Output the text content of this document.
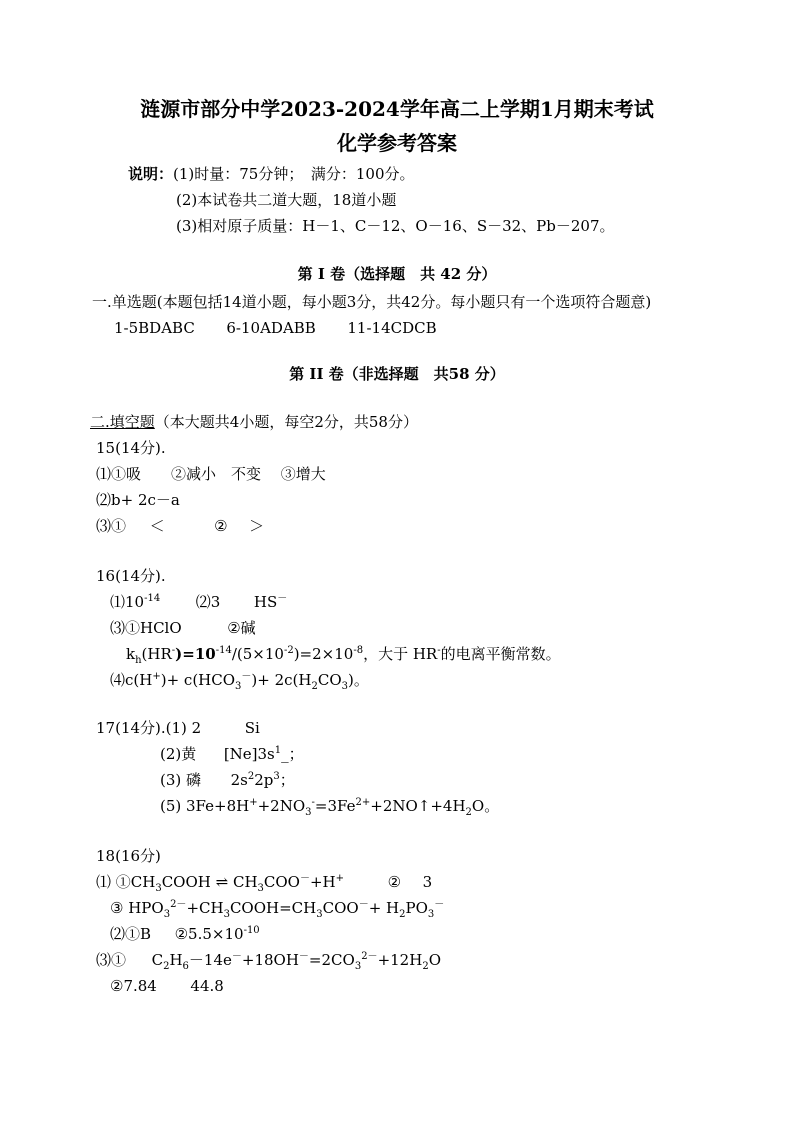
涟源市部分中学2023-2024学年高二上学期1月期末考试
化学参考答案
说明：(1)时量：75分钟；　满分：100分。
(2)本试卷共二道大题，18道小题
(3)相对原子质量：H－1、C－12、O－16、S－32、Pb－207。
第 I 卷（选择题　共 42 分）
一.单选题(本题包括14道小题，每小题3分，共42分。每小题只有一个选项符合题意)
1-5BDABC 6-10ADABB 11-14CDCB
第 II 卷（非选择题　共58 分）
二.填空题（本大题共4小题，每空2分，共58分）
15(14分).
⑴①吸　　②减小　不变　 ③增大
⑵b+ 2c－a
⑶① ＜	② ＞
16(14分).
$⑴10^{-14}$ ⑵3 HS－
⑶①HClO	②碱
$k_h(HR^-)=10^{-14}/(5\times 10^{-2})=2\times 10^{-8}$，大于 HR-的电离平衡常数。
⑷c(H+)+ $c(HCO_3^-)+ 2c(H_2CO_3)$。
17(14分).(1) 2	Si
(2)黄 $[Ne]3s^1\_$；
(3) 磷 $2s^22p^3$；
(5) $3Fe+8H^++2NO_3^-=3Fe^{2+}+2NO↑+4H_2O$。
18(16分)
⑴ $①CH_3COOH$ ⇌ $CH_3COO^-+H^+$	② 3
③ $HPO_3^{2-}+CH_3COOH=CH_3COO^-+ H_2PO_3^-$
⑵①B $②5.5\times 10^{-10}$
⑶① $C_2H_6-14e^-+18OH^-=2CO_3^{2-}+12H_2O$
②7.84 44.8
